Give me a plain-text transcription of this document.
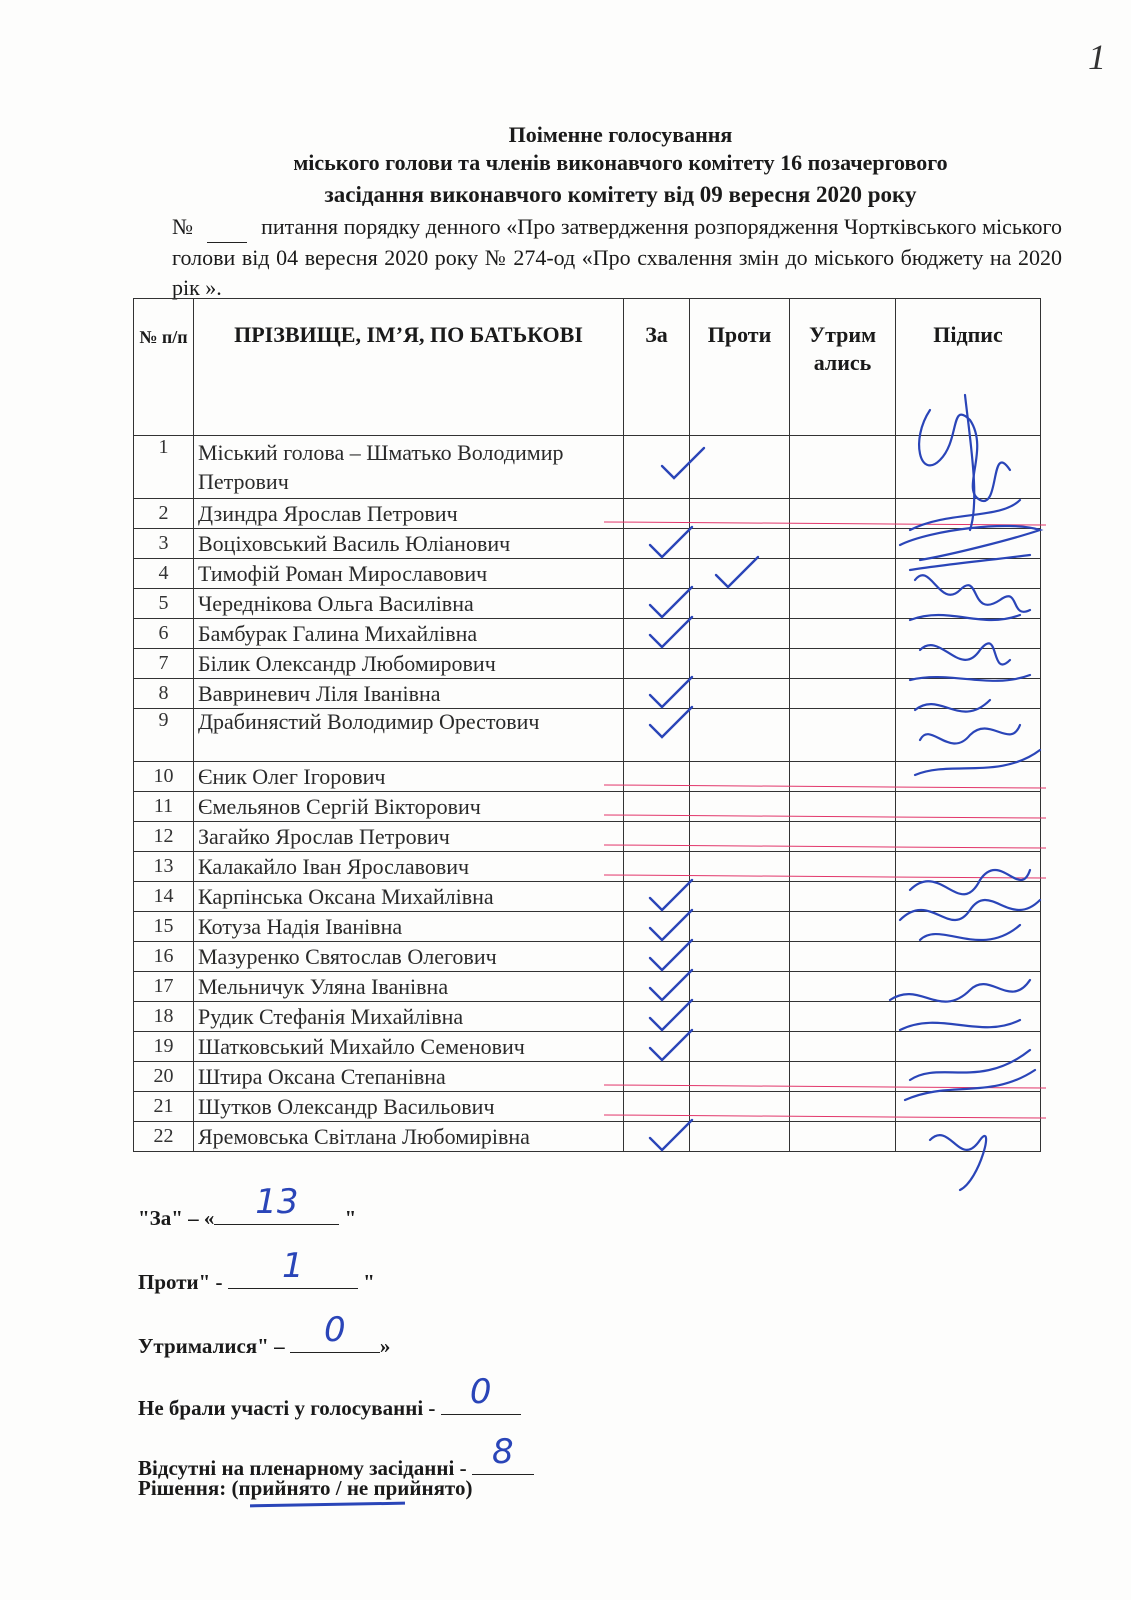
1
Поіменне голосування
міського голови та членів виконавчого комітету 16 позачергового
засідання виконавчого комітету від 09 вересня 2020 року
№	питання порядку денного «Про затвердження розпорядження Чортківського міського голови від 04 вересня 2020 року № 274-од «Про схвалення змін до міського бюджету на 2020 рік ».
№ п/п	ПРІЗВИЩЕ, ІМ’Я, ПО БАТЬКОВІ	За	Проти	Утрим ались	Підпис
1	Міський голова – Шматько Володимир Петрович	

2	Дзиндра Ярослав Петрович				
3	Воціховський Василь Юліанович	

4	Тимофій Роман Мирославович		

5	Череднікова Ольга Василівна	

6	Бамбурак Галина Михайлівна	

7	Білик Олександр Любомирович				
8	Вавриневич Ліля Іванівна	

9	Драбинястий Володимир Орестович	

10	Єник Олег Ігорович				
11	Ємельянов Сергій Вікторович				
12	Загайко Ярослав Петрович				
13	Калакайло Іван Ярославович				
14	Карпінська Оксана Михайлівна	

15	Котуза Надія Іванівна	

16	Мазуренко Святослав Олегович	

17	Мельничук Уляна Іванівна	

18	Рудик Стефанія Михайлівна	

19	Шатковський Михайло Семенович	

20	Штира Оксана Степанівна				
21	Шутков Олександр Васильович				
22	Яремовська Світлана Любомирівна	

"За" – «	13	"
Проти" -	1	"
Утрималися" –	0	»
Не брали участі у голосуванні -	0
Відсутні на пленарному засіданні - 8
Рішення: (прийнято / не прийнято)
